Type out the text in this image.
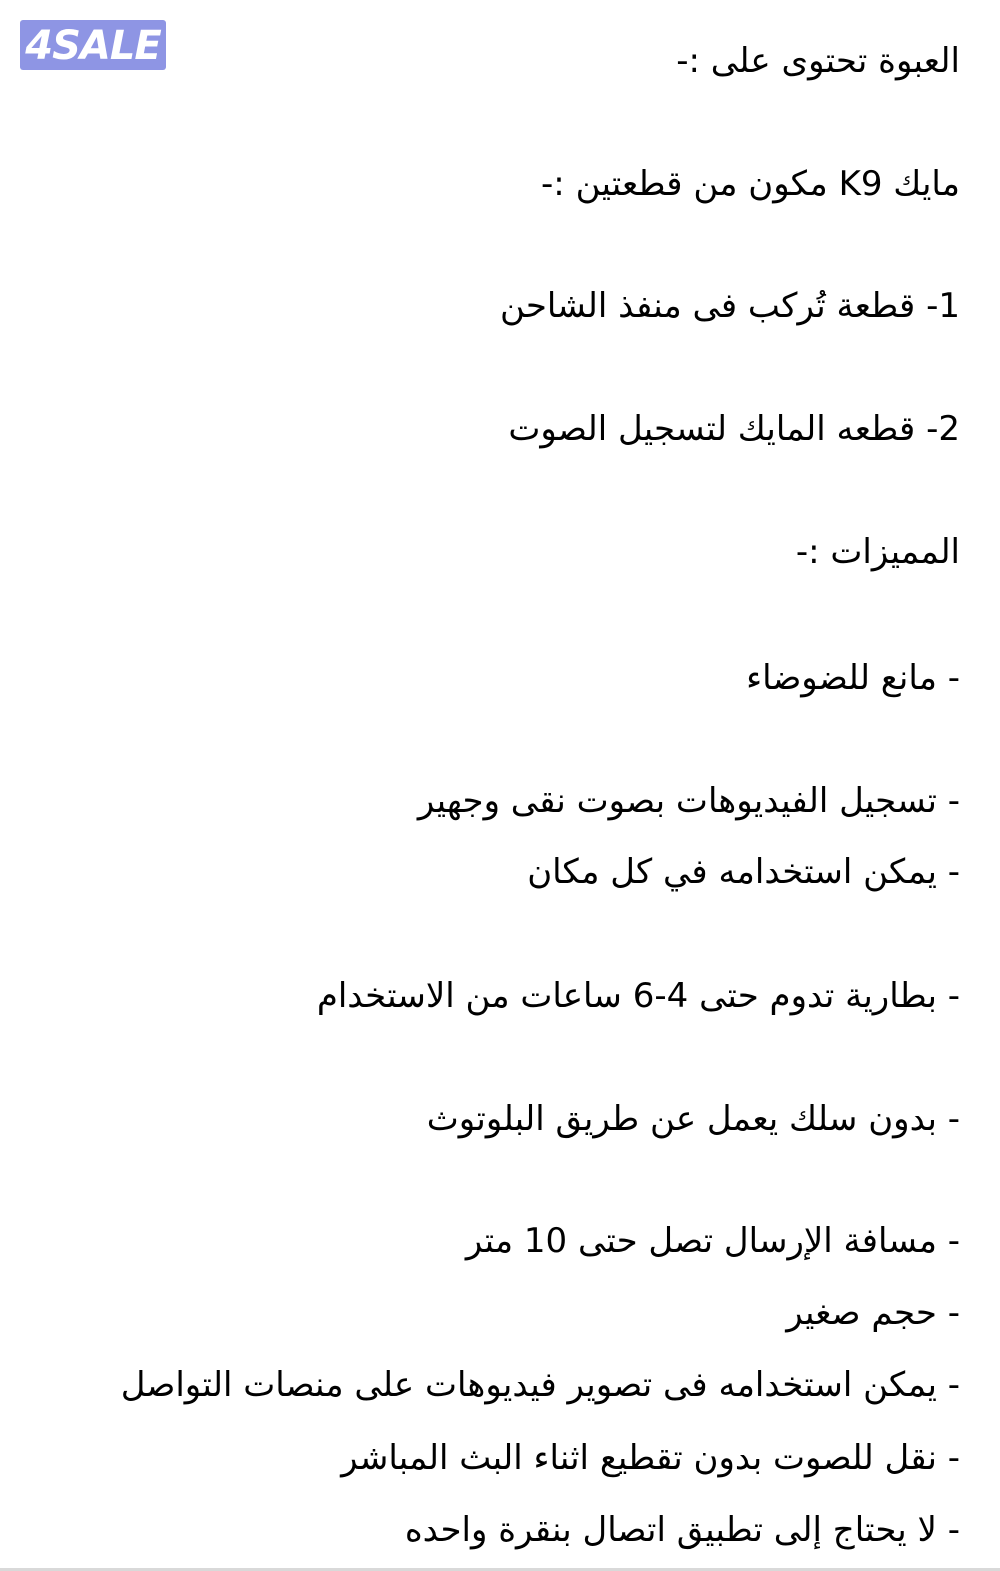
4SALE	العبوة تحتوى على :-
مايك K9 مكون من قطعتين :-
1- قطعة تُركب فى منفذ الشاحن
2- قطعه المايك لتسجيل الصوت
المميزات :-
- مانع للضوضاء
- تسجيل الفيديوهات بصوت نقى وجهير
- يمكن استخدامه في كل مكان
- بطارية تدوم حتى 4-6 ساعات من الاستخدام
- بدون سلك يعمل عن طريق البلوتوث
- مسافة الإرسال تصل حتى 10 متر
- حجم صغير
- يمكن استخدامه فى تصوير فيديوهات على منصات التواصل
- نقل للصوت بدون تقطيع اثناء البث المباشر
- لا يحتاج إلى تطبيق اتصال بنقرة واحده
